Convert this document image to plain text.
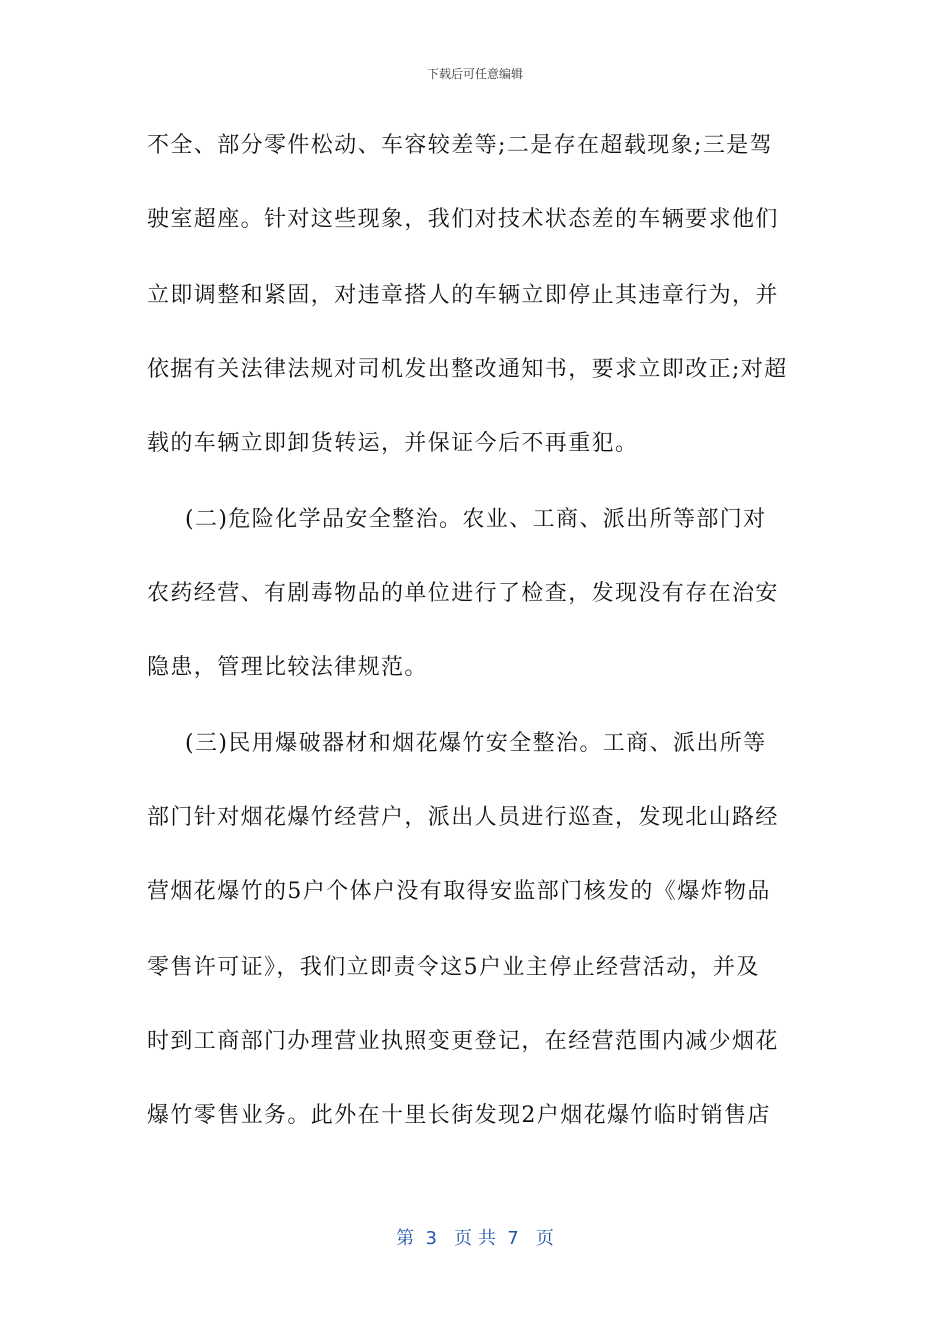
下载后可任意编辑
不全、部分零件松动、车容较差等;二是存在超载现象;三是驾
驶室超座。针对这些现象，我们对技术状态差的车辆要求他们
立即调整和紧固，对违章搭人的车辆立即停止其违章行为，并
依据有关法律法规对司机发出整改通知书，要求立即改正;对超
载的车辆立即卸货转运，并保证今后不再重犯。
(二)危险化学品安全整治。农业、工商、派出所等部门对
农药经营、有剧毒物品的单位进行了检查，发现没有存在治安
隐患，管理比较法律规范。
(三)民用爆破器材和烟花爆竹安全整治。工商、派出所等
部门针对烟花爆竹经营户，派出人员进行巡查，发现北山路经
营烟花爆竹的5户个体户没有取得安监部门核发的《爆炸物品
零售许可证》，我们立即责令这5户业主停止经营活动，并及
时到工商部门办理营业执照变更登记，在经营范围内减少烟花
爆竹零售业务。此外在十里长街发现2户烟花爆竹临时销售店
第  3   页 共  7   页
